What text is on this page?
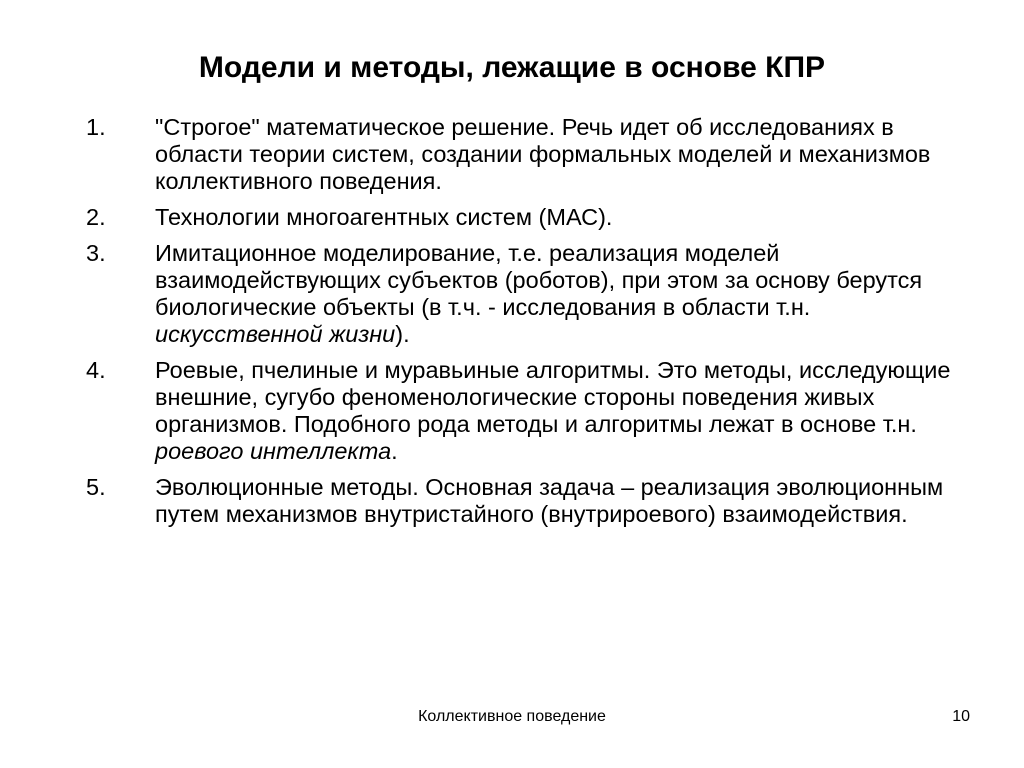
Модели и методы, лежащие в основе КПР
1. "Строгое" математическое решение. Речь идет об исследованиях в области теории систем, создании формальных моделей и механизмов коллективного поведения.
2. Технологии многоагентных систем (МАС).
3. Имитационное моделирование, т.е. реализация моделей взаимодействующих субъектов (роботов), при этом за основу берутся биологические объекты (в т.ч. - исследования в области т.н. искусственной жизни).
4. Роевые, пчелиные и муравьиные алгоритмы. Это методы, исследующие внешние, сугубо феноменологические стороны поведения живых организмов. Подобного рода методы и алгоритмы лежат в основе т.н. роевого интеллекта.
5. Эволюционные методы. Основная задача – реализация эволюционным путем механизмов внутристайного (внутрироевого) взаимодействия.
Коллективное поведение	10
